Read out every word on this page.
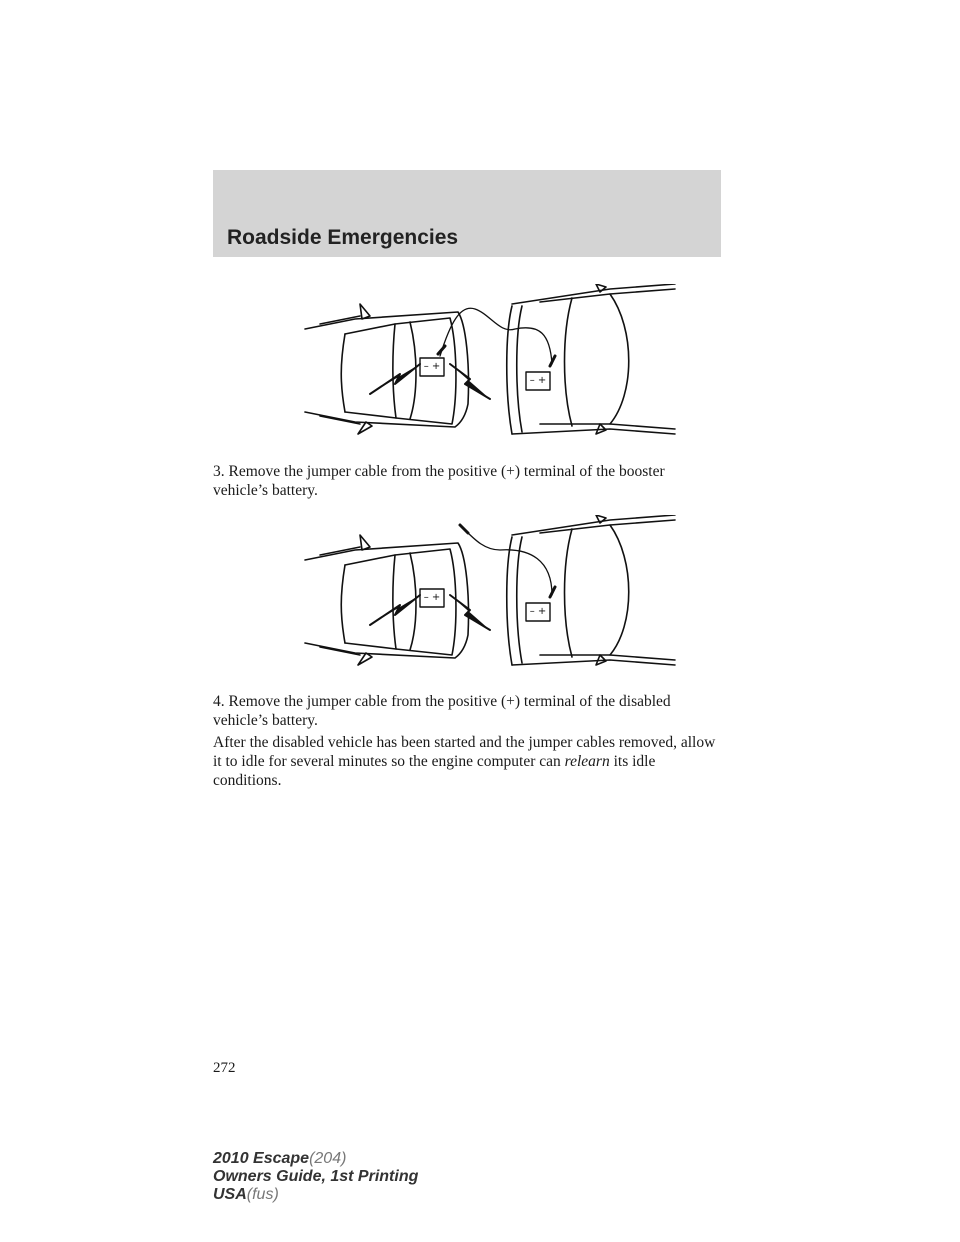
Roadside Emergencies
– +
– +

3. Remove the jumper cable from the positive (+) terminal of the booster vehicle’s battery.

– +
– +

4. Remove the jumper cable from the positive (+) terminal of the disabled vehicle’s battery.

After the disabled vehicle has been started and the jumper cables removed, allow it to idle for several minutes so the engine computer can relearn its idle conditions.

272
2010 Escape(204)
Owners Guide, 1st Printing
USA(fus)
